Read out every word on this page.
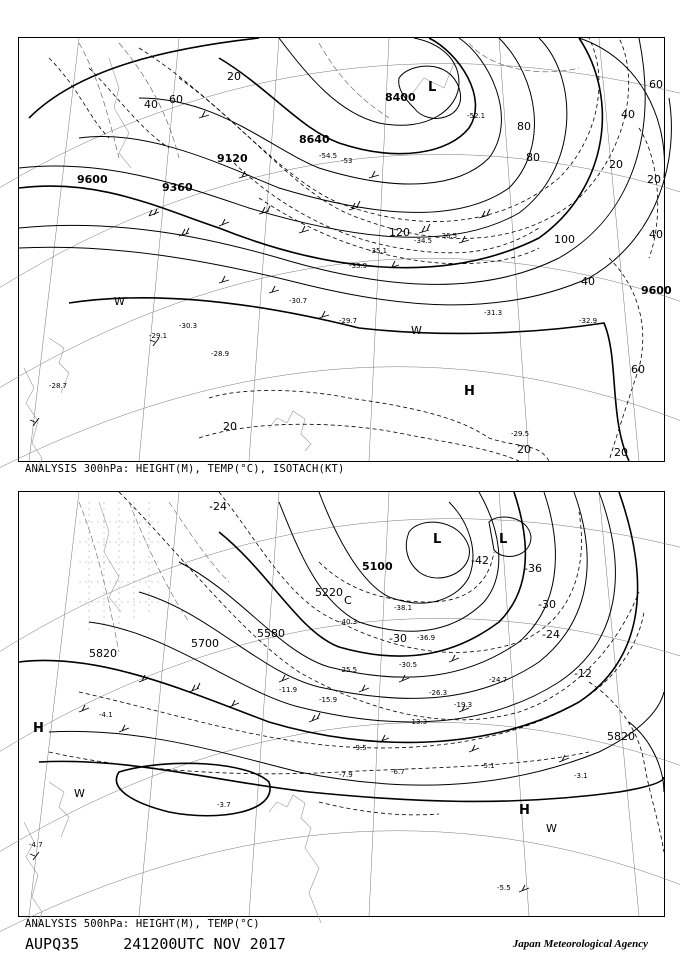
8400
8640
9120
9360
9600
9600
20
40 60
80
100
120
40
20
40
60
80
40
60
20
20
20	20
-29.1
-30.7
-31.3
-32.9
-29.7
-28.9
-29.5
-53
-54.5
-52.1
-34.5
-33.9
-35.1
-36.5
-30.3
-28.7
L
H
W
W
ANALYSIS 300hPa: HEIGHT(M), TEMP(°C), ISOTACH(KT)
5100
5220
5580
5700
5820
5820
-24
-30
-36
-42
-12
-24
-30
-40.3
-36.9
-38.1
-30.5
-26.3
-25.5
-24.7
-19.3
-15.9
-13.3
-11.9
-7.9	-6.7
-3.7
-5.1
-3.1
-5.5
-9.5
-4.7
-4.1
L	L
C
H
H
W
W
ANALYSIS 500hPa: HEIGHT(M), TEMP(°C)
AUPQ35	241200UTC NOV 2017	Japan Meteorological Agency
